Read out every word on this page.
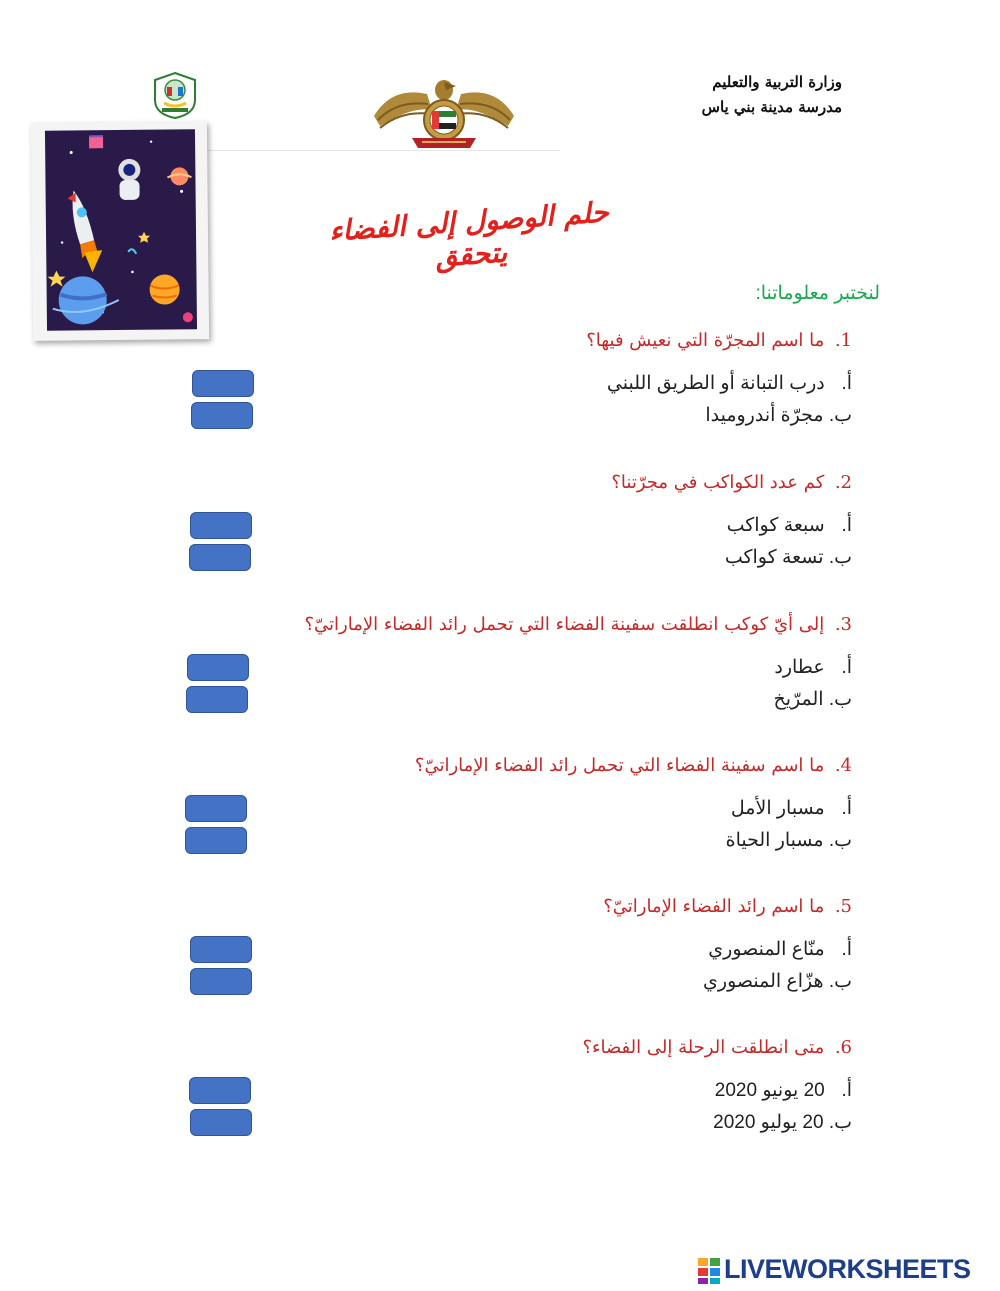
وزارة التربية والتعليم
مدرسة مدينة بني ياس
حلم الوصول إلى الفضاء يتحقق
لنختبر معلوماتنا:
1. ما اسم المجرّة التي نعيش فيها؟
أ. درب التبانة أو الطريق اللبني
ب. مجرّة أندروميدا
2. كم عدد الكواكب في مجرّتنا؟
أ. سبعة كواكب
ب. تسعة كواكب
3. إلى أيّ كوكب انطلقت سفينة الفضاء التي تحمل رائد الفضاء الإماراتيّ؟
أ. عطارد
ب. المرّيخ
4. ما اسم سفينة الفضاء التي تحمل رائد الفضاء الإماراتيّ؟
أ. مسبار الأمل
ب. مسبار الحياة
5. ما اسم رائد الفضاء الإماراتيّ؟
أ. منّاع المنصوري
ب. هزّاع المنصوري
6. متى انطلقت الرحلة إلى الفضاء؟
أ. 20 يونيو 2020
ب. 20 يوليو 2020
LIVEWORKSHEETS
